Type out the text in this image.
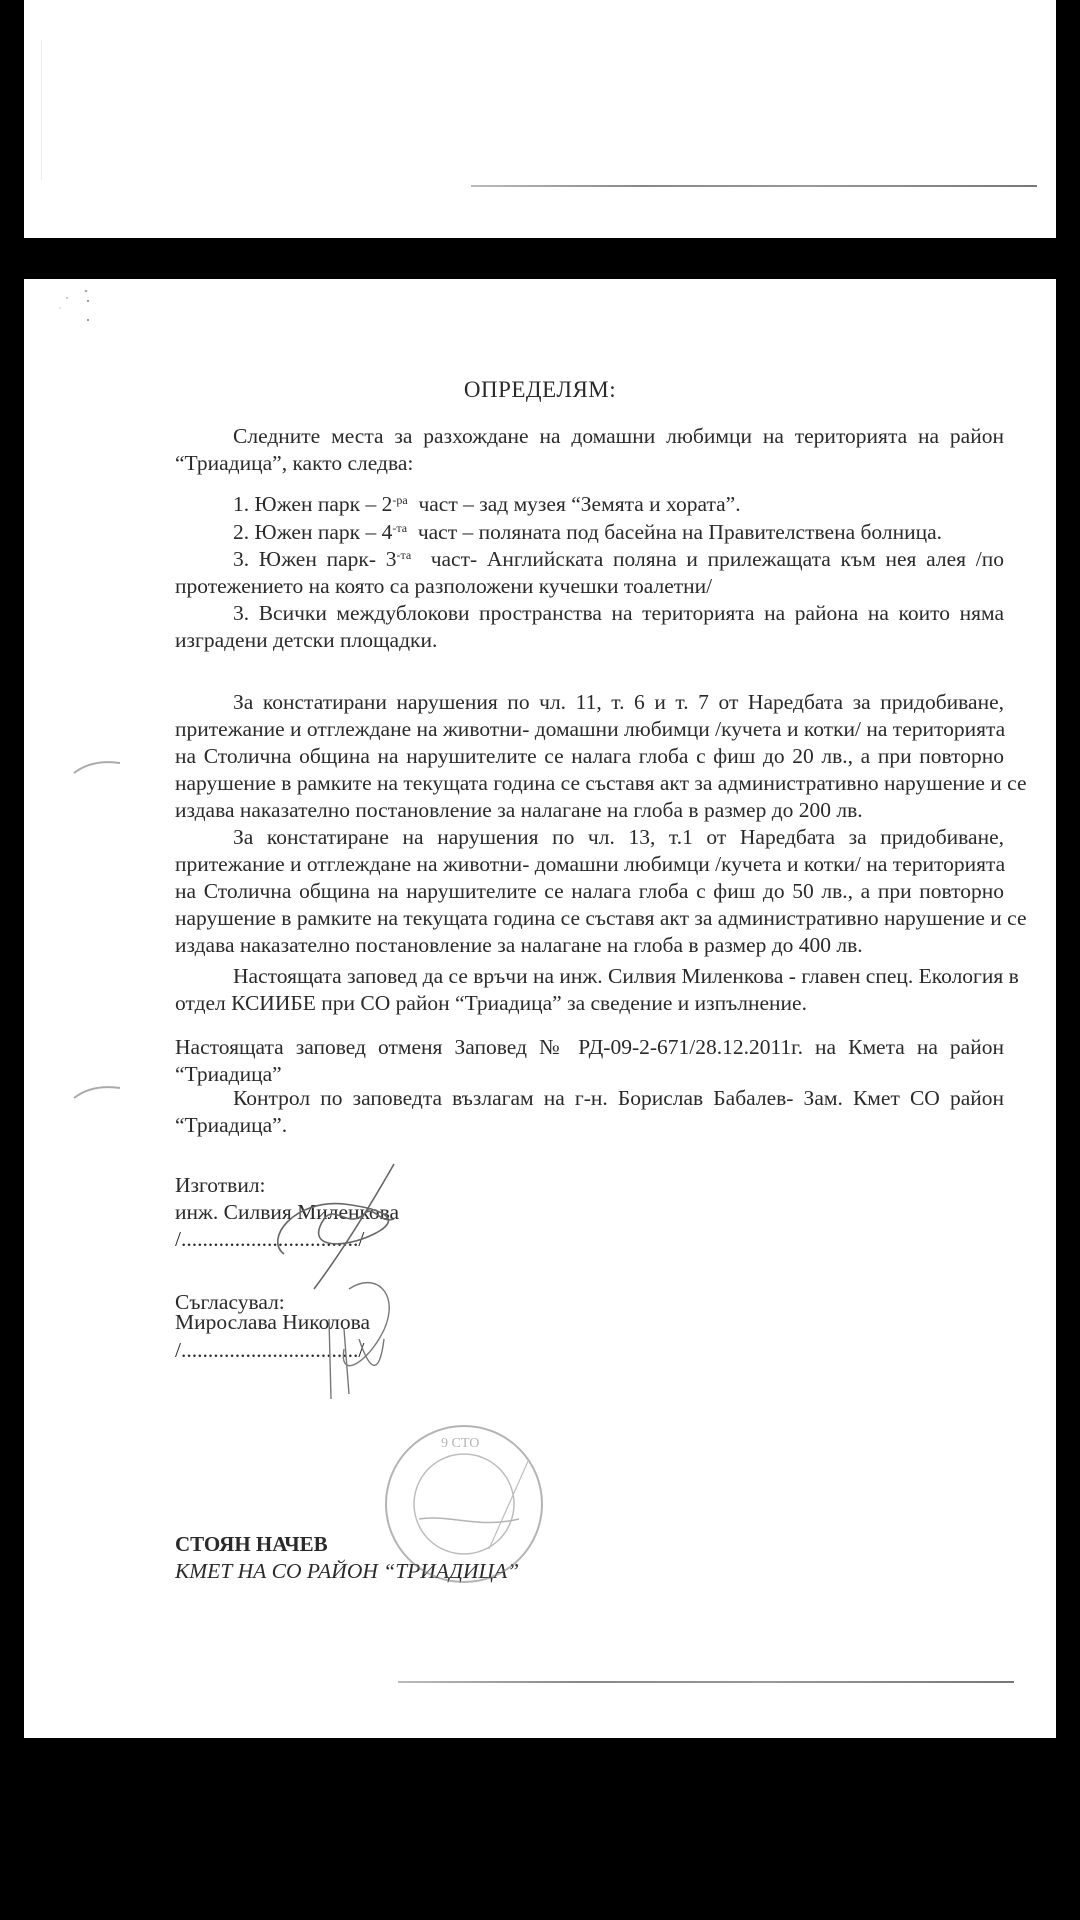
ОПРЕДЕЛЯМ:
Следните места за разхождане на домашни любимци на територията на район
“Триадица”, както следва:
1. Южен парк – $2^{-ра}$  част – зад музея “Земята и хората”.
2. Южен парк – $4^{-та}$  част – поляната под басейна на Правителствена болница.
3. Южен парк- $3^{-та}$  част- Английската поляна и прилежащата към нея алея /по
протежението на която са разположени кучешки тоалетни/
3. Всички междублокови пространства на територията на района на които няма
изградени детски площадки.
За констатирани нарушения по чл. 11, т. 6 и т. 7 от Наредбата за придобиване,
притежание и отглеждане на животни- домашни любимци /кучета и котки/ на територията
на Столична община на нарушителите се налага глоба с фиш до 20 лв., а при повторно
нарушение в рамките на текущата година се съставя акт за административно нарушение и се
издава наказателно постановление за налагане на глоба в размер до 200 лв.
За констатиране на нарушения по чл. 13, т.1 от Наредбата за придобиване,
притежание и отглеждане на животни- домашни любимци /кучета и котки/ на територията
на Столична община на нарушителите се налага глоба с фиш до 50 лв., а при повторно
нарушение в рамките на текущата година се съставя акт за административно нарушение и се
издава наказателно постановление за налагане на глоба в размер до 400 лв.
Настоящата заповед да се връчи на инж. Силвия Миленкова - главен спец. Екология в
отдел КСИИБЕ при СО район “Триадица” за сведение и изпълнение.
Настоящата заповед отменя Заповед № РД-09-2-671/28.12.2011г. на Кмета на район
“Триадица”
Контрол по заповедта възлагам на г-н. Борислав Бабалев- Зам. Кмет СО район
“Триадица”.
Изготвил:
инж. Силвия Миленкова
/................................./
Съгласувал:
Мирослава Николова
/................................./
СТОЯН НАЧЕВ
КМЕТ НА СО РАЙОН “ТРИАДИЦА”
9 СТО
